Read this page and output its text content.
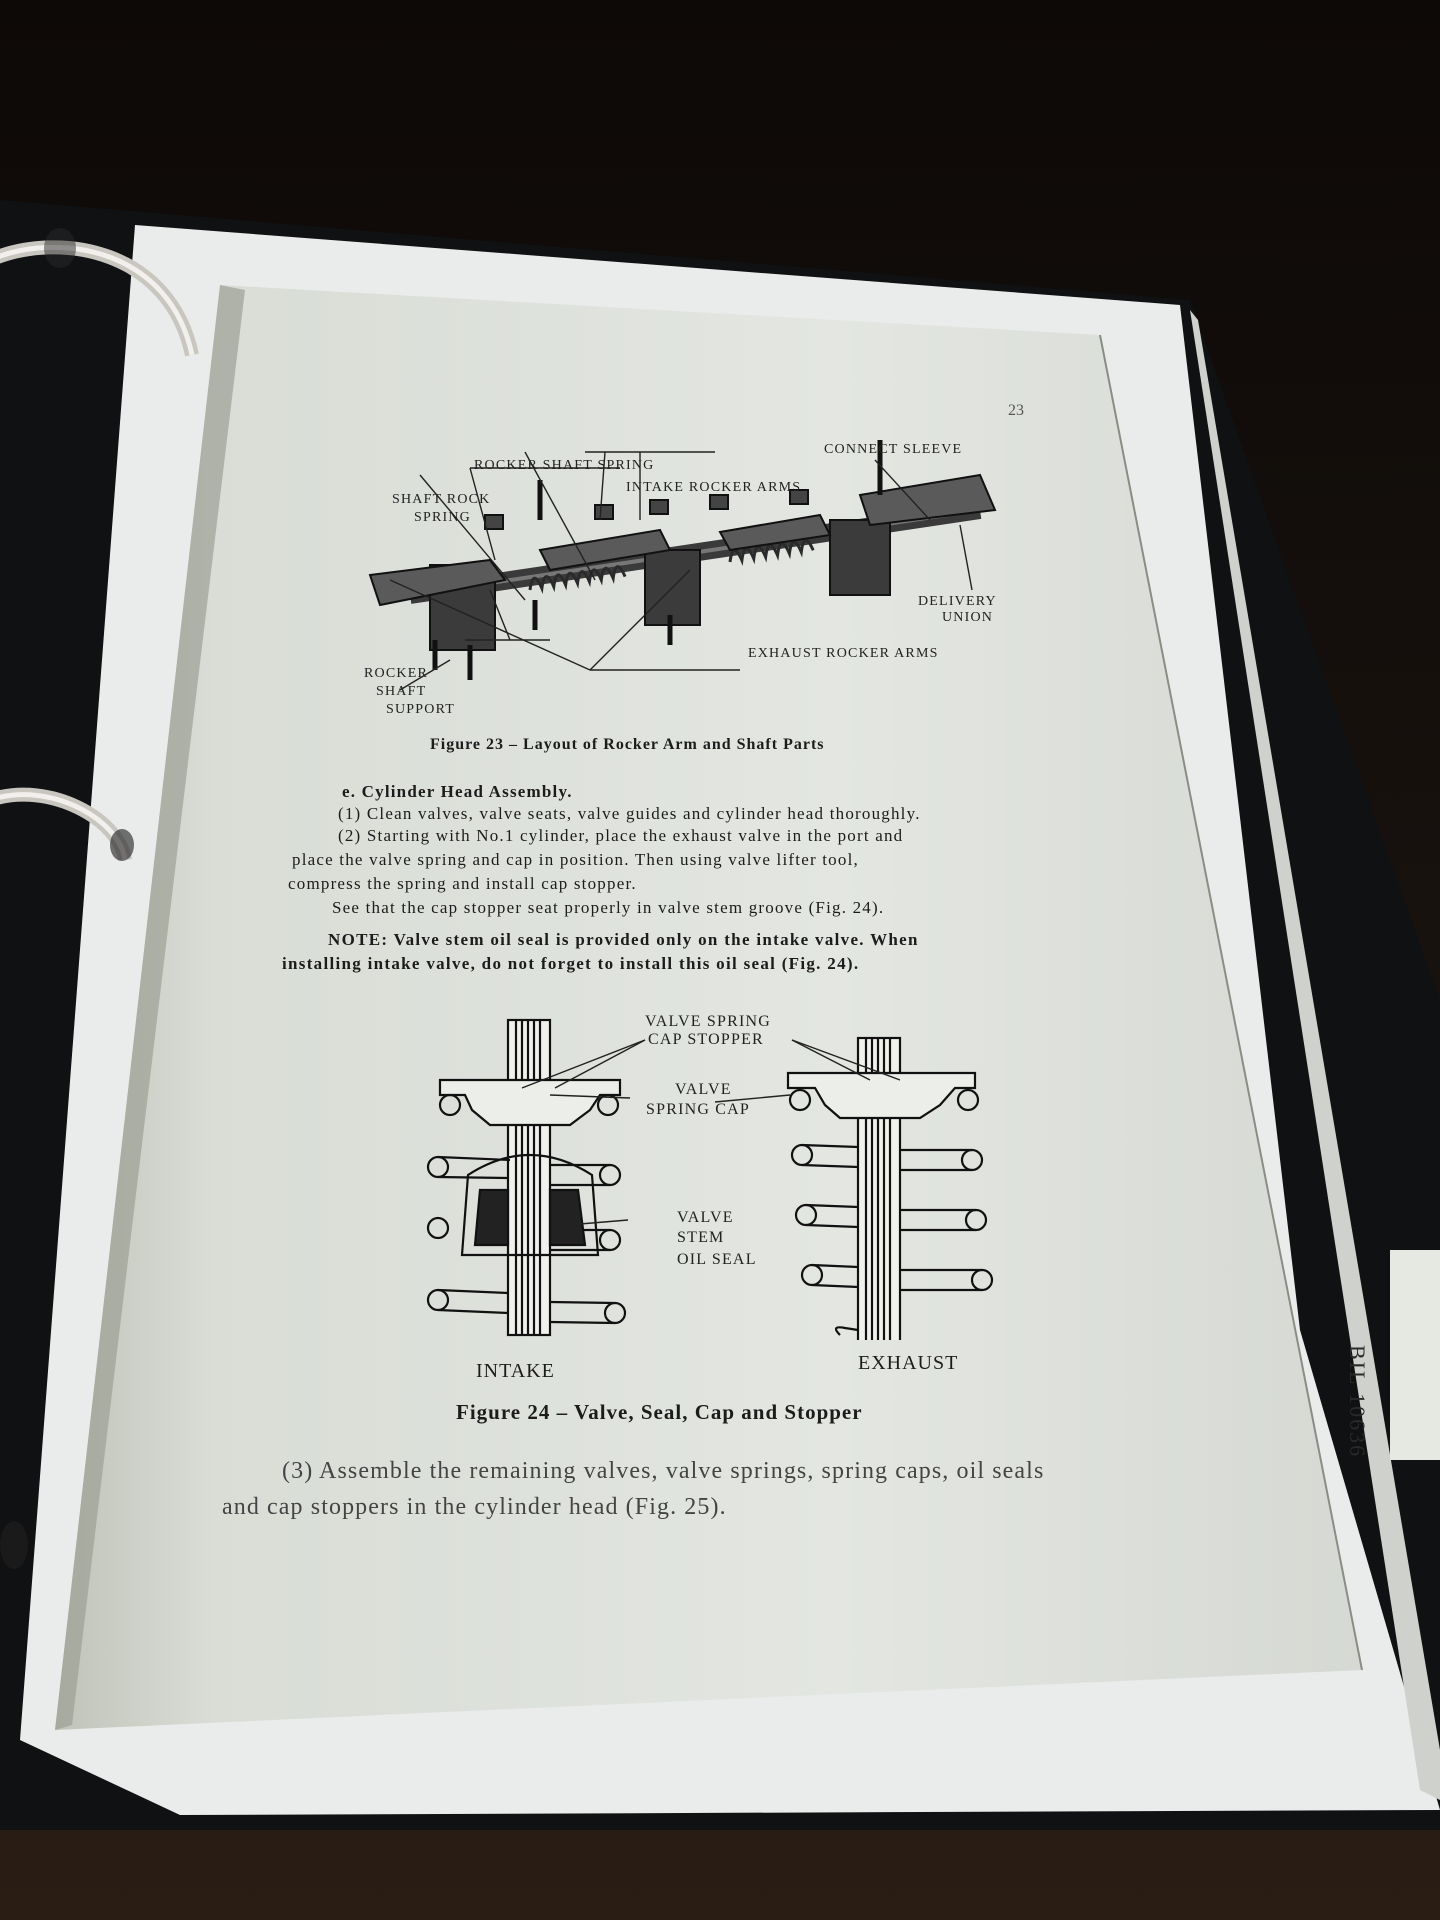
BIL 10636
23
CONNECT SLEEVE
ROCKER SHAFT SPRING
INTAKE ROCKER ARMS
SHAFT ROCK
SPRING
DELIVERY
UNION
EXHAUST ROCKER ARMS
ROCKER
SHAFT
SUPPORT
Figure 23 – Layout of Rocker Arm and Shaft Parts
e. Cylinder Head Assembly.
(1) Clean valves, valve seats, valve guides and cylinder head thoroughly.
(2) Starting with No.1 cylinder, place the exhaust valve in the port and
place the valve spring and cap in position. Then using valve lifter tool,
compress the spring and install cap stopper.
See that the cap stopper seat properly in valve stem groove (Fig. 24).
NOTE: Valve stem oil seal is provided only on the intake valve. When
installing intake valve, do not forget to install this oil seal (Fig. 24).
VALVE SPRING
CAP STOPPER
VALVE
SPRING CAP
VALVE
STEM
OIL SEAL
INTAKE	EXHAUST
Figure 24 – Valve, Seal, Cap and Stopper
(3) Assemble the remaining valves, valve springs, spring caps, oil seals
and cap stoppers in the cylinder head (Fig. 25).
